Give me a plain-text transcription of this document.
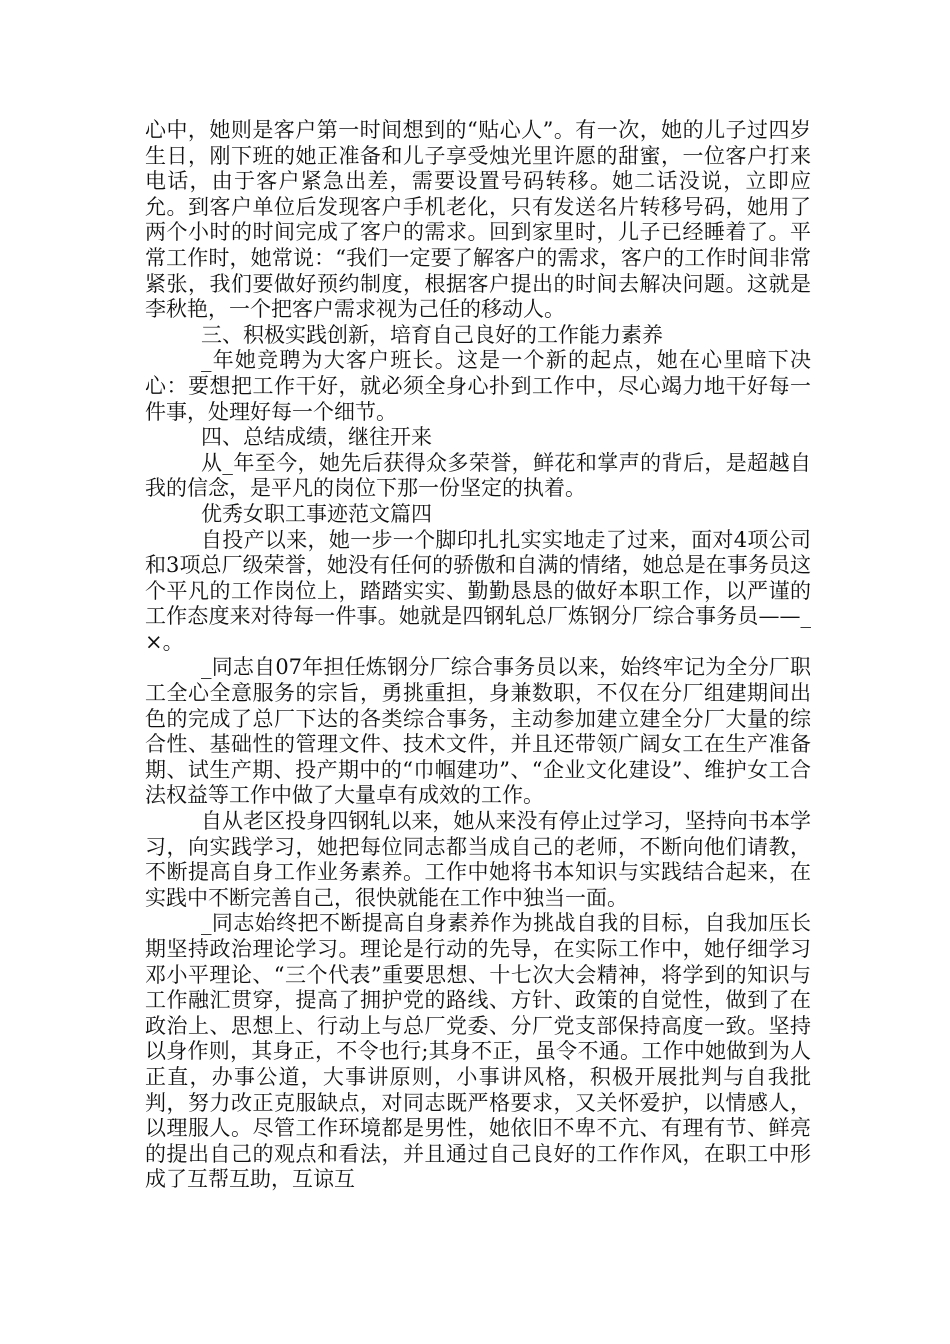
心中，她则是客户第一时间想到的“贴心人”。有一次，她的儿子过四岁生日，刚下班的她正准备和儿子享受烛光里许愿的甜蜜，一位客户打来电话，由于客户紧急出差，需要设置号码转移。她二话没说，立即应允。到客户单位后发现客户手机老化，只有发送名片转移号码，她用了两个小时的时间完成了客户的需求。回到家里时，儿子已经睡着了。平常工作时，她常说：“我们一定要了解客户的需求，客户的工作时间非常紧张，我们要做好预约制度，根据客户提出的时间去解决问题。这就是李秋艳，一个把客户需求视为己任的移动人。

三、积极实践创新，培育自己良好的工作能力素养

_年她竞聘为大客户班长。这是一个新的起点，她在心里暗下决心：要想把工作干好，就必须全身心扑到工作中，尽心竭力地干好每一件事，处理好每一个细节。

四、总结成绩，继往开来

从_年至今，她先后获得众多荣誉，鲜花和掌声的背后，是超越自我的信念，是平凡的岗位下那一份坚定的执着。

优秀女职工事迹范文篇四

自投产以来，她一步一个脚印扎扎实实地走了过来，面对4项公司和3项总厂级荣誉，她没有任何的骄傲和自满的情绪，她总是在事务员这个平凡的工作岗位上，踏踏实实、勤勤恳恳的做好本职工作，以严谨的工作态度来对待每一件事。她就是四钢轧总厂炼钢分厂综合事务员——_×。

_同志自07年担任炼钢分厂综合事务员以来，始终牢记为全分厂职工全心全意服务的宗旨，勇挑重担，身兼数职，不仅在分厂组建期间出色的完成了总厂下达的各类综合事务，主动参加建立建全分厂大量的综合性、基础性的管理文件、技术文件，并且还带领广阔女工在生产准备期、试生产期、投产期中的“巾帼建功”、“企业文化建设”、维护女工合法权益等工作中做了大量卓有成效的工作。

自从老区投身四钢轧以来，她从来没有停止过学习，坚持向书本学习，向实践学习，她把每位同志都当成自己的老师，不断向他们请教，不断提高自身工作业务素养。工作中她将书本知识与实践结合起来，在实践中不断完善自己，很快就能在工作中独当一面。

_同志始终把不断提高自身素养作为挑战自我的目标，自我加压长期坚持政治理论学习。理论是行动的先导，在实际工作中，她仔细学习邓小平理论、“三个代表”重要思想、十七次大会精神，将学到的知识与工作融汇贯穿，提高了拥护党的路线、方针、政策的自觉性，做到了在政治上、思想上、行动上与总厂党委、分厂党支部保持高度一致。坚持以身作则，其身正，不令也行;其身不正，虽令不通。工作中她做到为人正直，办事公道，大事讲原则，小事讲风格，积极开展批判与自我批判，努力改正克服缺点，对同志既严格要求，又关怀爱护，以情感人，以理服人。尽管工作环境都是男性，她依旧不卑不亢、有理有节、鲜亮的提出自己的观点和看法，并且通过自己良好的工作作风，在职工中形成了互帮互助，互谅互
